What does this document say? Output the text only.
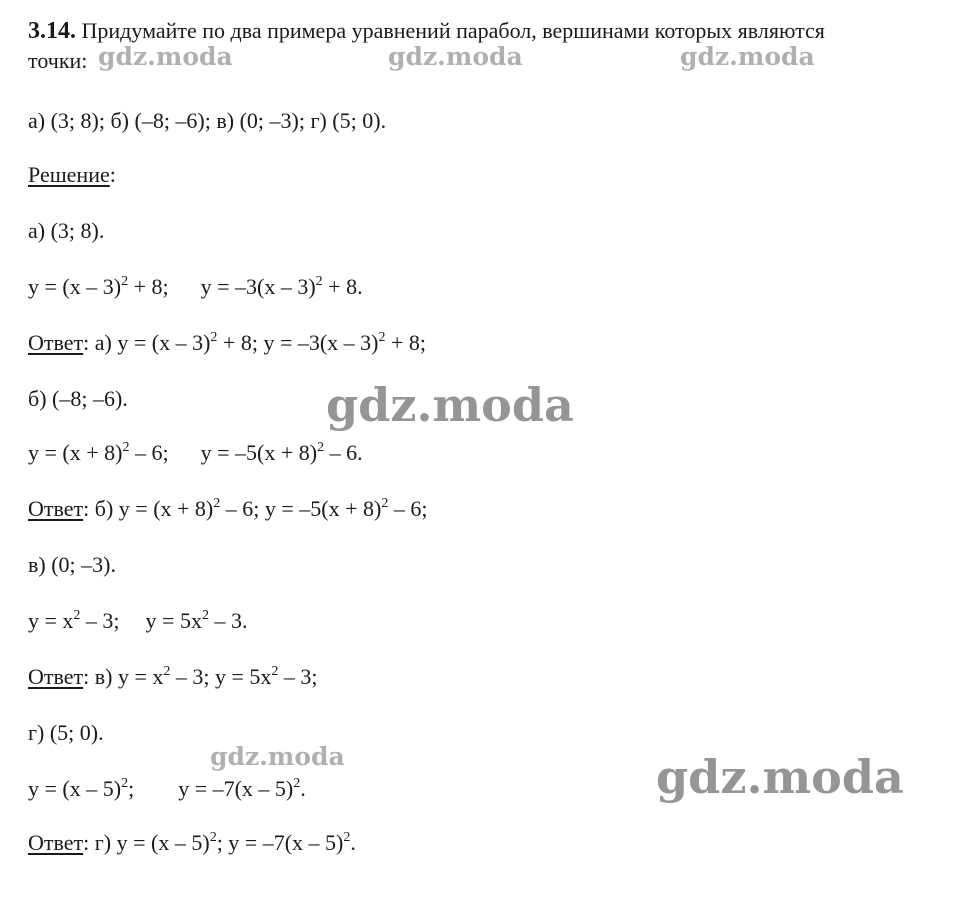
3.14. Придумайте по два примера уравнений парабол, вершинами которых являются
точки:
а) (3; 8); б) (–8; –6); в) (0; –3); г) (5; 0).
Решение:
а) (3; 8).
y = (x – 3)$^2$ + 8; y = –3(x – 3)$^2$ + 8.
Ответ: а) y = (x – 3)$^2$ + 8; y = –3(x – 3)$^2$ + 8;
б) (–8; –6).
$y = (x + 8)^2 - 6$; $y = -5(x + 8)^2 - 6$.
Ответ: б) $y = (x + 8)^2 - 6$; $y = -5(x + 8)^2 - 6$;
в) (0; –3).
$y = x^2 - 3$; $y = 5x^2 - 3$.
Ответ: в) $y = x^2 - 3$; $y = 5x^2 - 3$;
г) (5; 0).
y = (x – 5)$^2$; y = –7(x – 5)$^2$.
Ответ: г) y = (x – 5)$^2$; y = –7(x – 5)$^2$.
gdz.moda	gdz.moda	gdz.moda
gdz.moda
gdz.moda	gdz.moda
